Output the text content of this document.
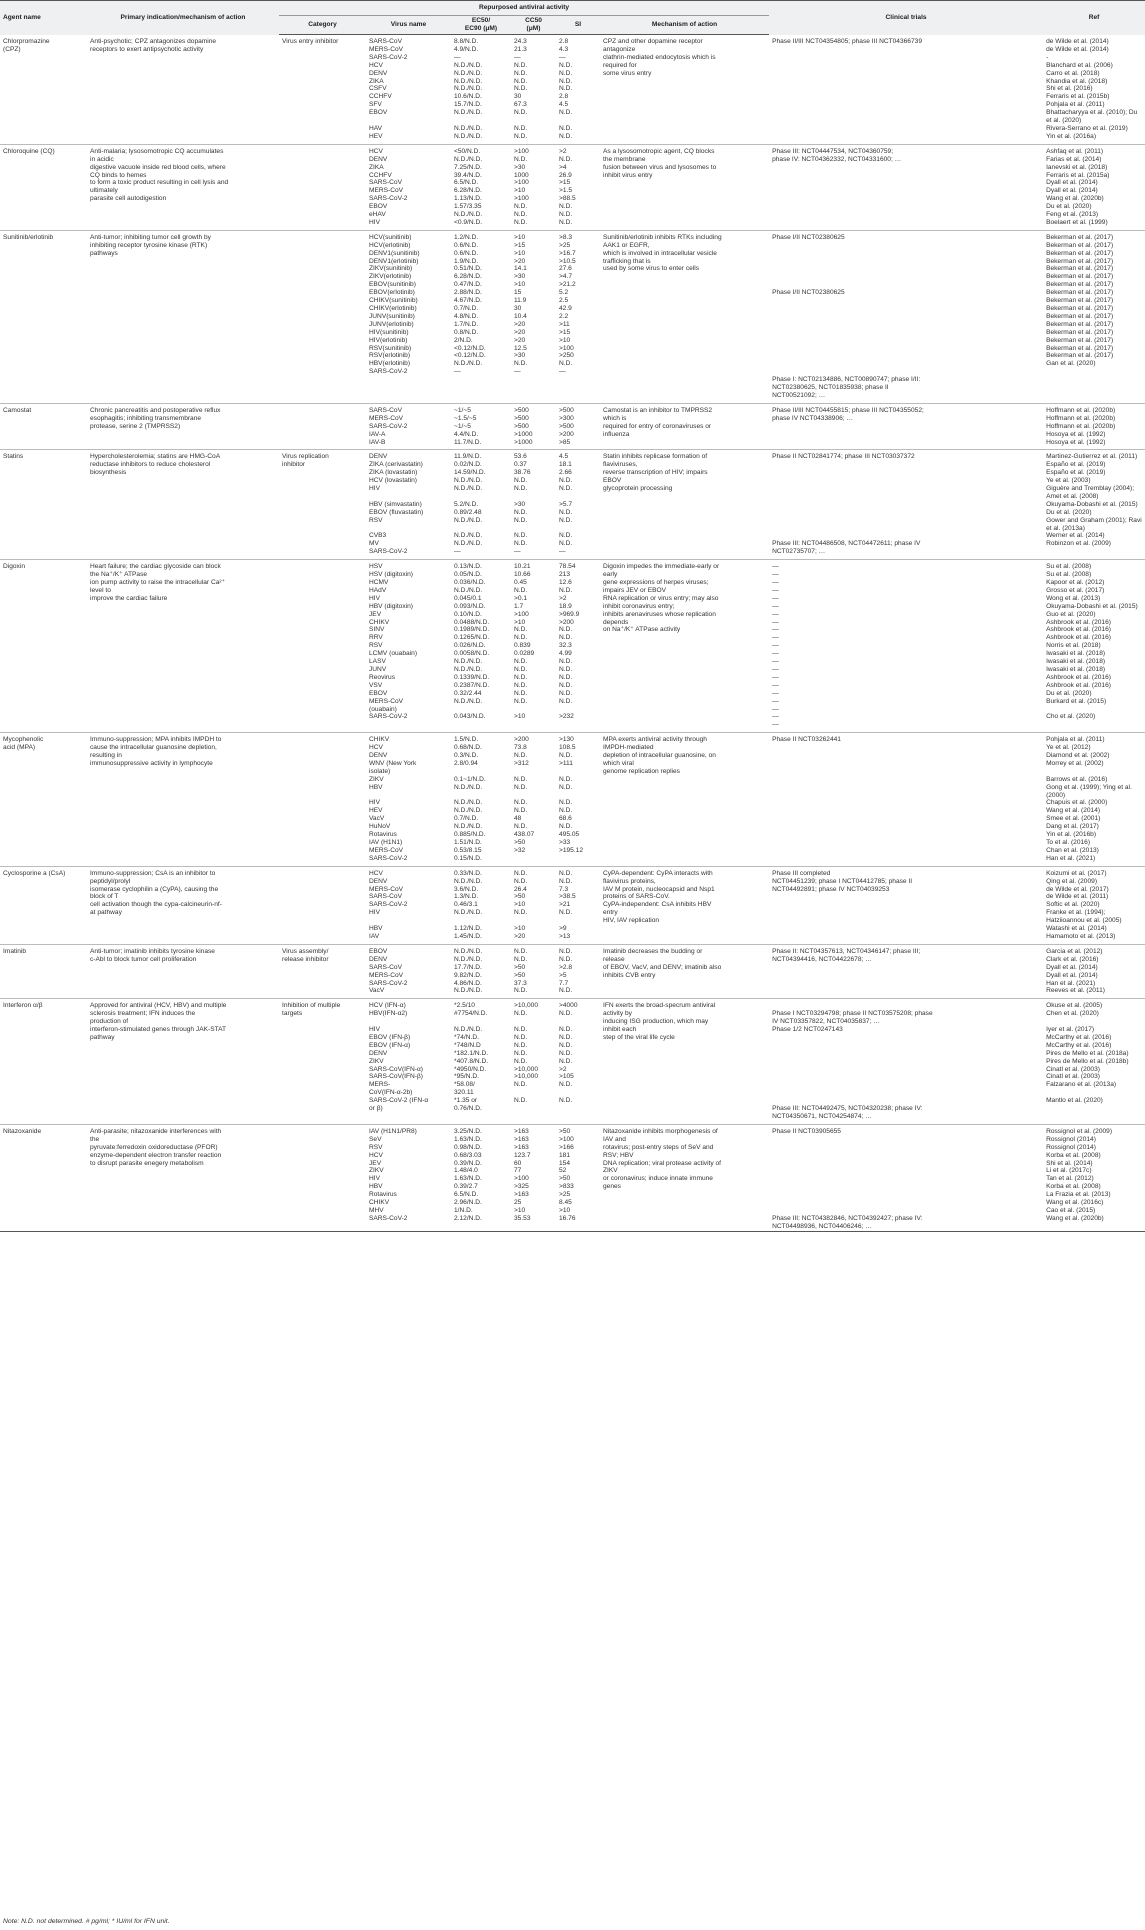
Agent name	Primary indication/mechanism of action	Repurposed antiviral activity						Clinical trials	Ref
		Category	Virus name	EC50/
EC90 (μM)	CC50
(μM)	SI	Mechanism of action		
Chlorpromazine	Anti-psychotic; CPZ antagonizes dopamine	Virus entry inhibitor	SARS-CoV	8.8/N.D.	24.3	2.8	CPZ and other dopamine receptor	Phase II/III NCT04354805; phase III NCT04366739	de Wilde et al. (2014)
(CPZ)	receptors to exert antipsychotic activity		MERS-CoV	4.9/N.D.	21.3	4.3	antagonize		de Wilde et al. (2014)
			SARS-CoV-2	—	—	—	clathrin-mediated endocytosis which is		-
			HCV	N.D./N.D.	N.D.	N.D.	required for		Blanchard et al. (2006)
			DENV	N.D./N.D.	N.D.	N.D.	some virus entry		Carro et al. (2018)
			ZIKA	N.D./N.D.	N.D.	N.D.			Khandia et al. (2018)
			CSFV	N.D./N.D.	N.D.	N.D.			Shi et al. (2016)
			CCHFV	10.6/N.D.	30	2.8			Ferraris et al. (2015b)
			SFV	15.7/N.D.	67.3	4.5			Pohjala et al. (2011)
			EBOV	N.D./N.D.	N.D.	N.D.			Bhattacharyya et al. (2010); Du
									et al. (2020)
			HAV	N.D./N.D.	N.D.	N.D.			Rivera-Serrano et al. (2019)
			HEV	N.D./N.D.	N.D.	N.D.			Yin et al. (2016a)
Chloroquine (CQ)	Anti-malaria; lysosomotropic CQ accumulates		HCV	<50/N.D.	>100	>2	As a lysosomotropic agent, CQ blocks	Phase III: NCT04447534, NCT04360759;	Ashfaq et al. (2011)
	in acidic		DENV	N.D./N.D.	N.D.	N.D.	the membrane	phase IV: NCT04362332, NCT04331600; …	Farias et al. (2014)
	digestive vacuole inside red blood cells, where		ZIKA	7.25/N.D.	>30	>4	fusion between virus and lysosomes to		Ianevski et al. (2018)
	CQ binds to hemes		CCHFV	39.4/N.D.	1000	26.9	inhibit virus entry		Ferraris et al. (2015a)
	to form a toxic product resulting in cell lysis and		SARS-CoV	6.5/N.D.	>100	>15			Dyall et al. (2014)
	ultimately		MERS-CoV	6.28/N.D.	>10	>1.5			Dyall et al. (2014)
	parasite cell autodigestion		SARS-CoV-2	1.13/N.D.	>100	>88.5			Wang et al. (2020b)
			EBOV	1.57/3.35	N.D.	N.D.			Du et al. (2020)
			eHAV	N.D./N.D.	N.D.	N.D.			Feng et al. (2013)
			HIV	<0.9/N.D.	N.D.	N.D.			Boelaert et al. (1999)
Sunitinib/erlotinib	Anti-tumor; inhibiting tumor cell growth by		HCV(sunitinib)	1.2/N.D.	>10	>8.3	Sunitinib/erlotinib inhibits RTKs including	Phase I/II NCT02380625	Bekerman et al. (2017)
	inhibiting receptor tyrosine kinase (RTK)		HCV(erlotinib)	0.6/N.D.	>15	>25	AAK1 or EGFR,		Bekerman et al. (2017)
	pathways		DENV1(sunitinib)	0.6/N.D.	>10	>16.7	which is involved in intracellular vesicle		Bekerman et al. (2017)
			DENV1(erlotinib)	1.9/N.D.	>20	>10.5	trafficking that is		Bekerman et al. (2017)
			ZIKV(sunitinib)	0.51/N.D.	14.1	27.6	used by some virus to enter cells		Bekerman et al. (2017)
			ZIKV(erlotinib)	6.28/N.D.	>30	>4.7			Bekerman et al. (2017)
			EBOV(sunitinib)	0.47/N.D.	>10	>21.2			Bekerman et al. (2017)
			EBOV(erlotinib)	2.88/N.D.	15	5.2		Phase I/II NCT02380625	Bekerman et al. (2017)
			CHIKV(sunitinib)	4.67/N.D.	11.9	2.5			Bekerman et al. (2017)
			CHIKV(erlotinib)	0.7/N.D.	30	42.9			Bekerman et al. (2017)
			JUNV(sunitinib)	4.8/N.D.	10.4	2.2			Bekerman et al. (2017)
			JUNV(erlotinib)	1.7/N.D.	>20	>11			Bekerman et al. (2017)
			HIV(sunitinib)	0.8/N.D.	>20	>15			Bekerman et al. (2017)
			HIV(erlotinib)	2/N.D.	>20	>10			Bekerman et al. (2017)
			RSV(sunitinib)	<0.12/N.D.	12.5	>100			Bekerman et al. (2017)
			RSV(erlotinib)	<0.12/N.D.	>30	>250			Bekerman et al. (2017)
			HBV(erlotinib)	N.D./N.D.	N.D.	N.D.			Gan et al. (2020)
			SARS-CoV-2	—	—	—			

								Phase I: NCT02134886, NCT00890747; phase I/II:	
								NCT02380625, NCT01835938; phase II	
								NCT00521092; …	
Camostat	Chronic pancreatitis and postoperative reflux		SARS-CoV	~1/~5	>500	>500	Camostat is an inhibitor to TMPRSS2	Phase II/III NCT04455815; phase III NCT04355052;	Hoffmann et al. (2020b)
	esophagitis; inhibiting transmembrane		MERS-CoV	~1.5/~5	>500	>300	which is	phase IV NCT04338906; …	Hoffmann et al. (2020b)
	protease, serine 2 (TMPRSS2)		SARS-CoV-2	~1/~5	>500	>500	required for entry of coronaviruses or		Hoffmann et al. (2020b)
			IAV-A	4.4/N.D.	>1000	>200	influenza		Hosoya et al. (1992)
			IAV-B	11.7/N.D.	>1000	>85			Hosoya et al. (1992)
Statins	Hypercholesterolemia; statins are HMG-CoA	Virus replication	DENV	11.9/N.D.	53.6	4.5	Statin inhibits replicase formation of	Phase II NCT02841774; phase III NCT03037372	Martinez-Gutierrez et al. (2011)
	reductase inhibitors to reduce cholesterol	inhibitor	ZIKA (cerivastatin)	0.02/N.D.	0.37	18.1	flaviviruses,		Españo et al. (2019)
	biosynthesis		ZIKA (lovastatin)	14.59/N.D.	38.76	2.66	reverse transcription of HIV; impairs		Españo et al. (2019)
			HCV (lovastatin)	N.D./N.D.	N.D.	N.D.	EBOV		Ye et al. (2003)
			HIV	N.D./N.D.	N.D.	N.D.	glycoprotein processing		Giguère and Tremblay (2004);
									Amet et al. (2008)
			HBV (simvastatin)	5.2/N.D.	>30	>5.7			Okuyama-Dobashi et al. (2015)
			EBOV (fluvastatin)	0.89/2.48	N.D.	N.D.			Du et al. (2020)
			RSV	N.D./N.D.	N.D.	N.D.			Gower and Graham (2001); Ravi
									et al. (2013a)
			CVB3	N.D./N.D.	N.D.	N.D.			Werner et al. (2014)
			MV	N.D./N.D.	N.D.	N.D.		Phase III: NCT04486508, NCT04472611; phase IV	Robinzon et al. (2009)
			SARS-CoV-2	—	—	—		NCT02735707; …	

Digoxin	Heart failure; the cardiac glycoside can block		HSV	0.13/N.D.	10.21	78.54	Digoxin impedes the immediate-early or	—	Su et al. (2008)
	the Na⁺/K⁺ ATPase		HSV (digitoxin)	0.05/N.D.	10.66	213	early	—	Su et al. (2008)
	ion pump activity to raise the intracellular Ca²⁺		HCMV	0.036/N.D.	0.45	12.6	gene expressions of herpes viruses;	—	Kapoor et al. (2012)
	level to		HAdV	N.D./N.D.	N.D.	N.D.	impairs JEV or EBOV	—	Grosso et al. (2017)
	improve the cardiac failure		HIV	0.045/0.1	>0.1	>2	RNA replication or virus entry; may also	—	Wong et al. (2013)
			HBV (digitoxin)	0.093/N.D.	1.7	18.9	inhibit coronavirus entry;	—	Okuyama-Dobashi et al. (2015)
			JEV	0.10/N.D.	>100	>969.9	inhibits arenaviruses whose replication	—	Guo et al. (2020)
			CHIKV	0.0488/N.D.	>10	>200	depends	—	Ashbrook et al. (2016)
			SINV	0.1989/N.D.	N.D.	N.D.	on Na⁺/K⁺ ATPase activity	—	Ashbrook et al. (2016)
			RRV	0.1265/N.D.	N.D.	N.D.		—	Ashbrook et al. (2016)
			RSV	0.026/N.D.	0.839	32.3		—	Norris et al. (2018)
			LCMV (ouabain)	0.0058/N.D.	0.0289	4.99		—	Iwasaki et al. (2018)
			LASV	N.D./N.D.	N.D.	N.D.		—	Iwasaki et al. (2018)
			JUNV	N.D./N.D.	N.D.	N.D.		—	Iwasaki et al. (2018)
			Reovirus	0.1339/N.D.	N.D.	N.D.		—	Ashbrook et al. (2016)
			VSV	0.2387/N.D.	N.D.	N.D.		—	Ashbrook et al. (2016)
			EBOV	0.32/2.44	N.D.	N.D.		—	Du et al. (2020)
			MERS-CoV	N.D./N.D.	N.D.	N.D.		—	Burkard et al. (2015)
			(ouabain)					—	
			SARS-CoV-2	0.043/N.D.	>10	>232		—	Cho et al. (2020)
								—	
Mycophenolic	Immuno-suppression; MPA inhibits IMPDH to		CHIKV	1.5/N.D.	>200	>130	MPA exerts antiviral activity through	Phase II NCT03262441	Pohjala et al. (2011)
acid (MPA)	cause the intracellular guanosine depletion,		HCV	0.68/N.D.	73.8	108.5	IMPDH-mediated		Ye et al. (2012)
	resulting in		DENV	0.3/N.D.	N.D.	N.D.	depletion of intracellular guanosine, on		Diamond et al. (2002)
	immunosuppressive activity in lymphocyte		WNV (New York	2.8/0.94	>312	>111	which viral		Morrey et al. (2002)
			isolate)				genome replication replies		
			ZIKV	0.1~1/N.D.	N.D.	N.D.			Barrows et al. (2016)
			HBV	N.D./N.D.	N.D.	N.D.			Gong et al. (1999); Ying et al.
									(2000)
			HIV	N.D./N.D.	N.D.	N.D.			Chapuis et al. (2000)
			HEV	N.D./N.D.	N.D.	N.D.			Wang et al. (2014)
			VacV	0.7/N.D.	48	68.6			Smee et al. (2001)
			HuNoV	N.D./N.D.	N.D.	N.D.			Dang et al. (2017)
			Rotavirus	0.885/N.D.	438.07	495.05			Yin et al. (2016b)
			IAV (H1N1)	1.51/N.D.	>50	>33			To et al. (2016)
			MERS-CoV	0.53/8.15	>32	>195.12			Chan et al. (2013)
			SARS-CoV-2	0.15/N.D.					Han et al. (2021)
Cyclosporine a (CsA)	Immuno-suppression; CsA is an inhibitor to		HCV	0.33/N.D.	N.D.	N.D.	CyPA-dependent: CyPA interacts with	Phase III completed	Koizumi et al. (2017)
	peptidyl/prolyl		DENV	N.D./N.D.	N.D.	N.D.	flavivirus proteins,	NCT04451239; phase I NCT04412785; phase II	Qing et al. (2009)
	isomerase cyclophilin a (CyPA), causing the		MERS-CoV	3.6/N.D.	26.4	7.3	IAV M protein, nucleocapsid and Nsp1	NCT04492891; phase IV NCT04039253	de Wilde et al. (2017)
	block of T		SARS-CoV	1.3/N.D.	>50	>38.5	proteins of SARS-CoV.		de Wilde et al. (2011)
	cell activation though the cypa-calcineurin-nf-		SARS-CoV-2	0.46/3.1	>10	>21	CyPA-independent: CsA inhibits HBV		Softic et al. (2020)
	at pathway		HIV	N.D./N.D.	N.D.	N.D.	entry		Franke et al. (1994);
							HIV, IAV replication		Hatziioannou et al. (2005)
			HBV	1.12/N.D.	>10	>9			Watashi et al. (2014)
			IAV	1.45/N.D.	>20	>13			Hamamoto et al. (2013)
Imatinib	Anti-tumor; imatinib inhibits tyrosine kinase	Virus assembly/	EBOV	N.D./N.D.	N.D.	N.D.	Imatinib decreases the budding or	Phase II: NCT04357613, NCT04346147; phase III;	Garcia et al. (2012)
	c-Abl to block tumor cell proliferation	release inhibitor	DENV	N.D./N.D.	N.D.	N.D.	release	NCT04394416, NCT04422678; …	Clark et al. (2016)
			SARS-CoV	17.7/N.D.	>50	>2.8	of EBOV, VacV, and DENV; imatinib also		Dyall et al. (2014)
			MERS-CoV	9.82/N.D.	>50	>5	inhibits CVB entry		Dyall et al. (2014)
			SARS-CoV-2	4.86/N.D.	37.3	7.7			Han et al. (2021)
			VacV	N.D./N.D.	N.D.	N.D.			Reeves et al. (2011)
Interferon α/β	Approved for antiviral (HCV, HBV) and multiple	Inhibition of multiple	HCV (IFN-α)	*2.5/10	>10,000	>4000	IFN exerts the broad-specrum antiviral		Okuse et al. (2005)
	sclerosis treatment; IFN induces the	targets	HBV(IFN-α2)	#7754/N.D.	N.D.	N.D.	activity by	Phase I NCT03294798; phase II NCT03575208; phase	Chen et al. (2020)
	production of						inducing ISG production, which may	IV NCT03357822, NCT04035837; …	
	interferon-stimulated genes through JAK-STAT		HIV	N.D./N.D.	N.D.	N.D.	inhibit each	Phase 1/2 NCT0247143	Iyer et al. (2017)
	pathway		EBOV (IFN-β)	*74/N.D.	N.D.	N.D.	step of the viral life cycle		McCarthy et al. (2016)
			EBOV (IFN-α)	*748/N.D	N.D.	N.D.			McCarthy et al. (2016)
			DENV	*182.1/N.D.	N.D.	N.D.			Pires de Mello et al. (2018a)
			ZIKV	*407.8/N.D.	N.D.	N.D.			Pires de Mello et al. (2018b)
			SARS-CoV(IFN-α)	*4950/N.D.	>10,000	>2			Cinatl et al. (2003)
			SARS-CoV(IFN-β)	*95/N.D.	>10,000	>105			Cinatl et al. (2003)
			MERS-	*58.08/	N.D.	N.D.			Falzarano et al. (2013a)
			CoV(IFN-α-2b)	320.11					
			SARS-CoV-2 (IFN-α	*1.35 or	N.D.	N.D.			Mantlo et al. (2020)
			or β)	0.76/N.D.				Phase III: NCT04492475, NCT04320238; phase IV:	
								NCT04350671, NCT04254874; …	
Nitazoxanide	Anti-parasite; nitazoxanide interferences with		IAV (H1N1/PR8)	3.25/N.D.	>163	>50	Nitazoxanide inhibits morphogenesis of	Phase II NCT03905655	Rossignol et al. (2009)
	the		SeV	1.63/N.D.	>163	>100	IAV and		Rossignol (2014)
	pyruvate:ferredoxin oxidoreductase (PFOR)		RSV	0.98/N.D.	>163	>166	rotavirus; post-entry steps of SeV and		Rossignol (2014)
	enzyme-dependent electron transfer reaction		HCV	0.68/3.03	123.7	181	RSV; HBV		Korba et al. (2008)
	to disrupt parasite enegery metabolism		JEV	0.39/N.D.	60	154	DNA replication; viral protease activity of		Shi et al. (2014)
			ZIKV	1.48/4.0	77	52	ZIKV		Li et al. (2017c)
			HIV	1.63/N.D.	>100	>50	or coronavirus; induce innate immune		Tan et al. (2012)
			HBV	0.39/2.7	>325	>833	genes		Korba et al. (2008)
			Rotavirus	6.5/N.D.	>163	>25			La Frazia et al. (2013)
			CHIKV	2.96/N.D.	25	8.45			Wang et al. (2016c)
			MHV	1/N.D.	>10	>10			Cao et al. (2015)
			SARS-CoV-2	2.12/N.D.	35.53	16.76		Phase III: NCT04382846, NCT04392427; phase IV:	Wang et al. (2020b)
								NCT04498936, NCT04406246; …	
Note: N.D. not determined. # pg/ml; * IU/ml for IFN unit.
